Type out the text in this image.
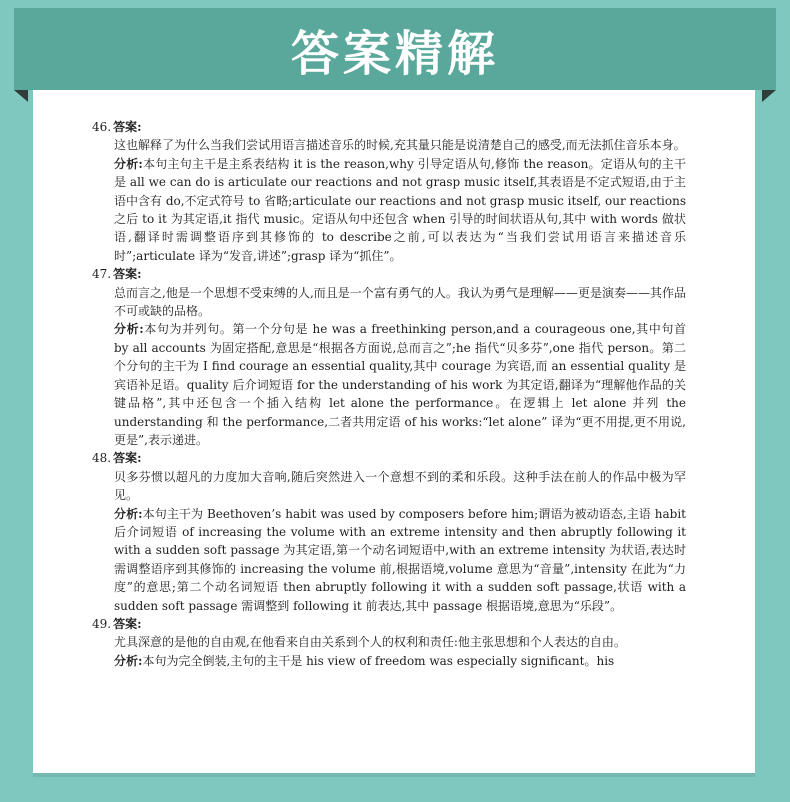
答案精解

46. 答案:

这也解释了为什么当我们尝试用语言描述音乐的时候,充其量只能是说清楚自己的感受,而无法抓住音乐本身。

分析:本句主句主干是主系表结构 it is the reason,why 引导定语从句,修饰 the reason。定语从句的主干是 all we can do is articulate our reactions and not grasp music itself,其表语是不定式短语,由于主语中含有 do,不定式符号 to 省略;articulate our reactions and not grasp music itself, our reactions 之后 to it 为其定语,it 指代 music。定语从句中还包含 when 引导的时间状语从句,其中 with words 做状语,翻译时需调整语序到其修饰的 to describe之前,可以表达为“当我们尝试用语言来描述音乐时”;articulate 译为“发音,讲述”;grasp 译为“抓住”。

47. 答案:

总而言之,他是一个思想不受束缚的人,而且是一个富有勇气的人。我认为勇气是理解——更是演奏——其作品不可或缺的品格。

分析:本句为并列句。第一个分句是 he was a freethinking person,and a courageous one,其中句首 by all accounts 为固定搭配,意思是“根据各方面说,总而言之”;he 指代“贝多芬”,one 指代 person。第二个分句的主干为 I find courage an essential quality,其中 courage 为宾语,而 an essential quality 是宾语补足语。quality 后介词短语 for the understanding of his work 为其定语,翻译为“理解他作品的关键品格”,其中还包含一个插入结构 let alone the performance。在逻辑上 let alone 并列 the understanding 和 the performance,二者共用定语 of his works:“let alone” 译为“更不用提,更不用说,更是”,表示递进。

48. 答案:

贝多芬惯以超凡的力度加大音响,随后突然进入一个意想不到的柔和乐段。这种手法在前人的作品中极为罕见。

分析:本句主干为 Beethoven’s habit was used by composers before him;谓语为被动语态,主语 habit 后介词短语 of increasing the volume with an extreme intensity and then abruptly following it with a sudden soft passage 为其定语,第一个动名词短语中,with an extreme intensity 为状语,表达时需调整语序到其修饰的 increasing the volume 前,根据语境,volume 意思为“音量”,intensity 在此为“力度”的意思;第二个动名词短语 then abruptly following it with a sudden soft passage,状语 with a sudden soft passage 需调整到 following it 前表达,其中 passage 根据语境,意思为“乐段”。

49. 答案:

尤具深意的是他的自由观,在他看来自由关系到个人的权利和责任:他主张思想和个人表达的自由。

分析:本句为完全倒装,主句的主干是 his view of freedom was especially significant。his
